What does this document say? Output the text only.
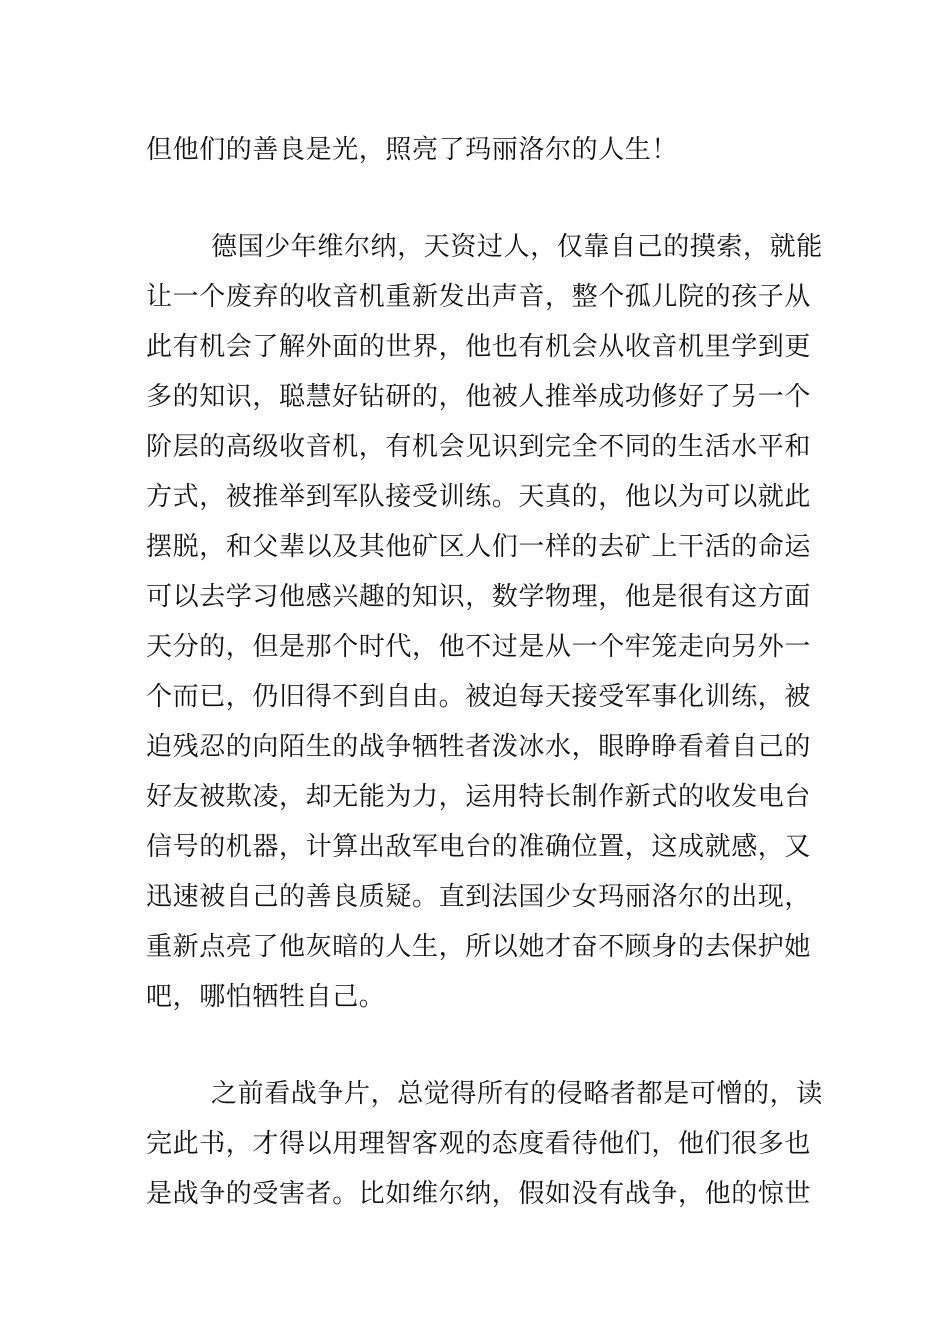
但他们的善良是光，照亮了玛丽洛尔的人生！
德国少年维尔纳，天资过人，仅靠自己的摸索，就能
让一个废弃的收音机重新发出声音，整个孤儿院的孩子从
此有机会了解外面的世界，他也有机会从收音机里学到更
多的知识，聪慧好钻研的，他被人推举成功修好了另一个
阶层的高级收音机，有机会见识到完全不同的生活水平和
方式，被推举到军队接受训练。天真的，他以为可以就此
摆脱，和父辈以及其他矿区人们一样的去矿上干活的命运
可以去学习他感兴趣的知识，数学物理，他是很有这方面
天分的，但是那个时代，他不过是从一个牢笼走向另外一
个而已，仍旧得不到自由。被迫每天接受军事化训练，被
迫残忍的向陌生的战争牺牲者泼冰水，眼睁睁看着自己的
好友被欺凌，却无能为力，运用特长制作新式的收发电台
信号的机器，计算出敌军电台的准确位置，这成就感，又
迅速被自己的善良质疑。直到法国少女玛丽洛尔的出现，
重新点亮了他灰暗的人生，所以她才奋不顾身的去保护她
吧，哪怕牺牲自己。
之前看战争片，总觉得所有的侵略者都是可憎的，读
完此书，才得以用理智客观的态度看待他们，他们很多也
是战争的受害者。比如维尔纳，假如没有战争，他的惊世
